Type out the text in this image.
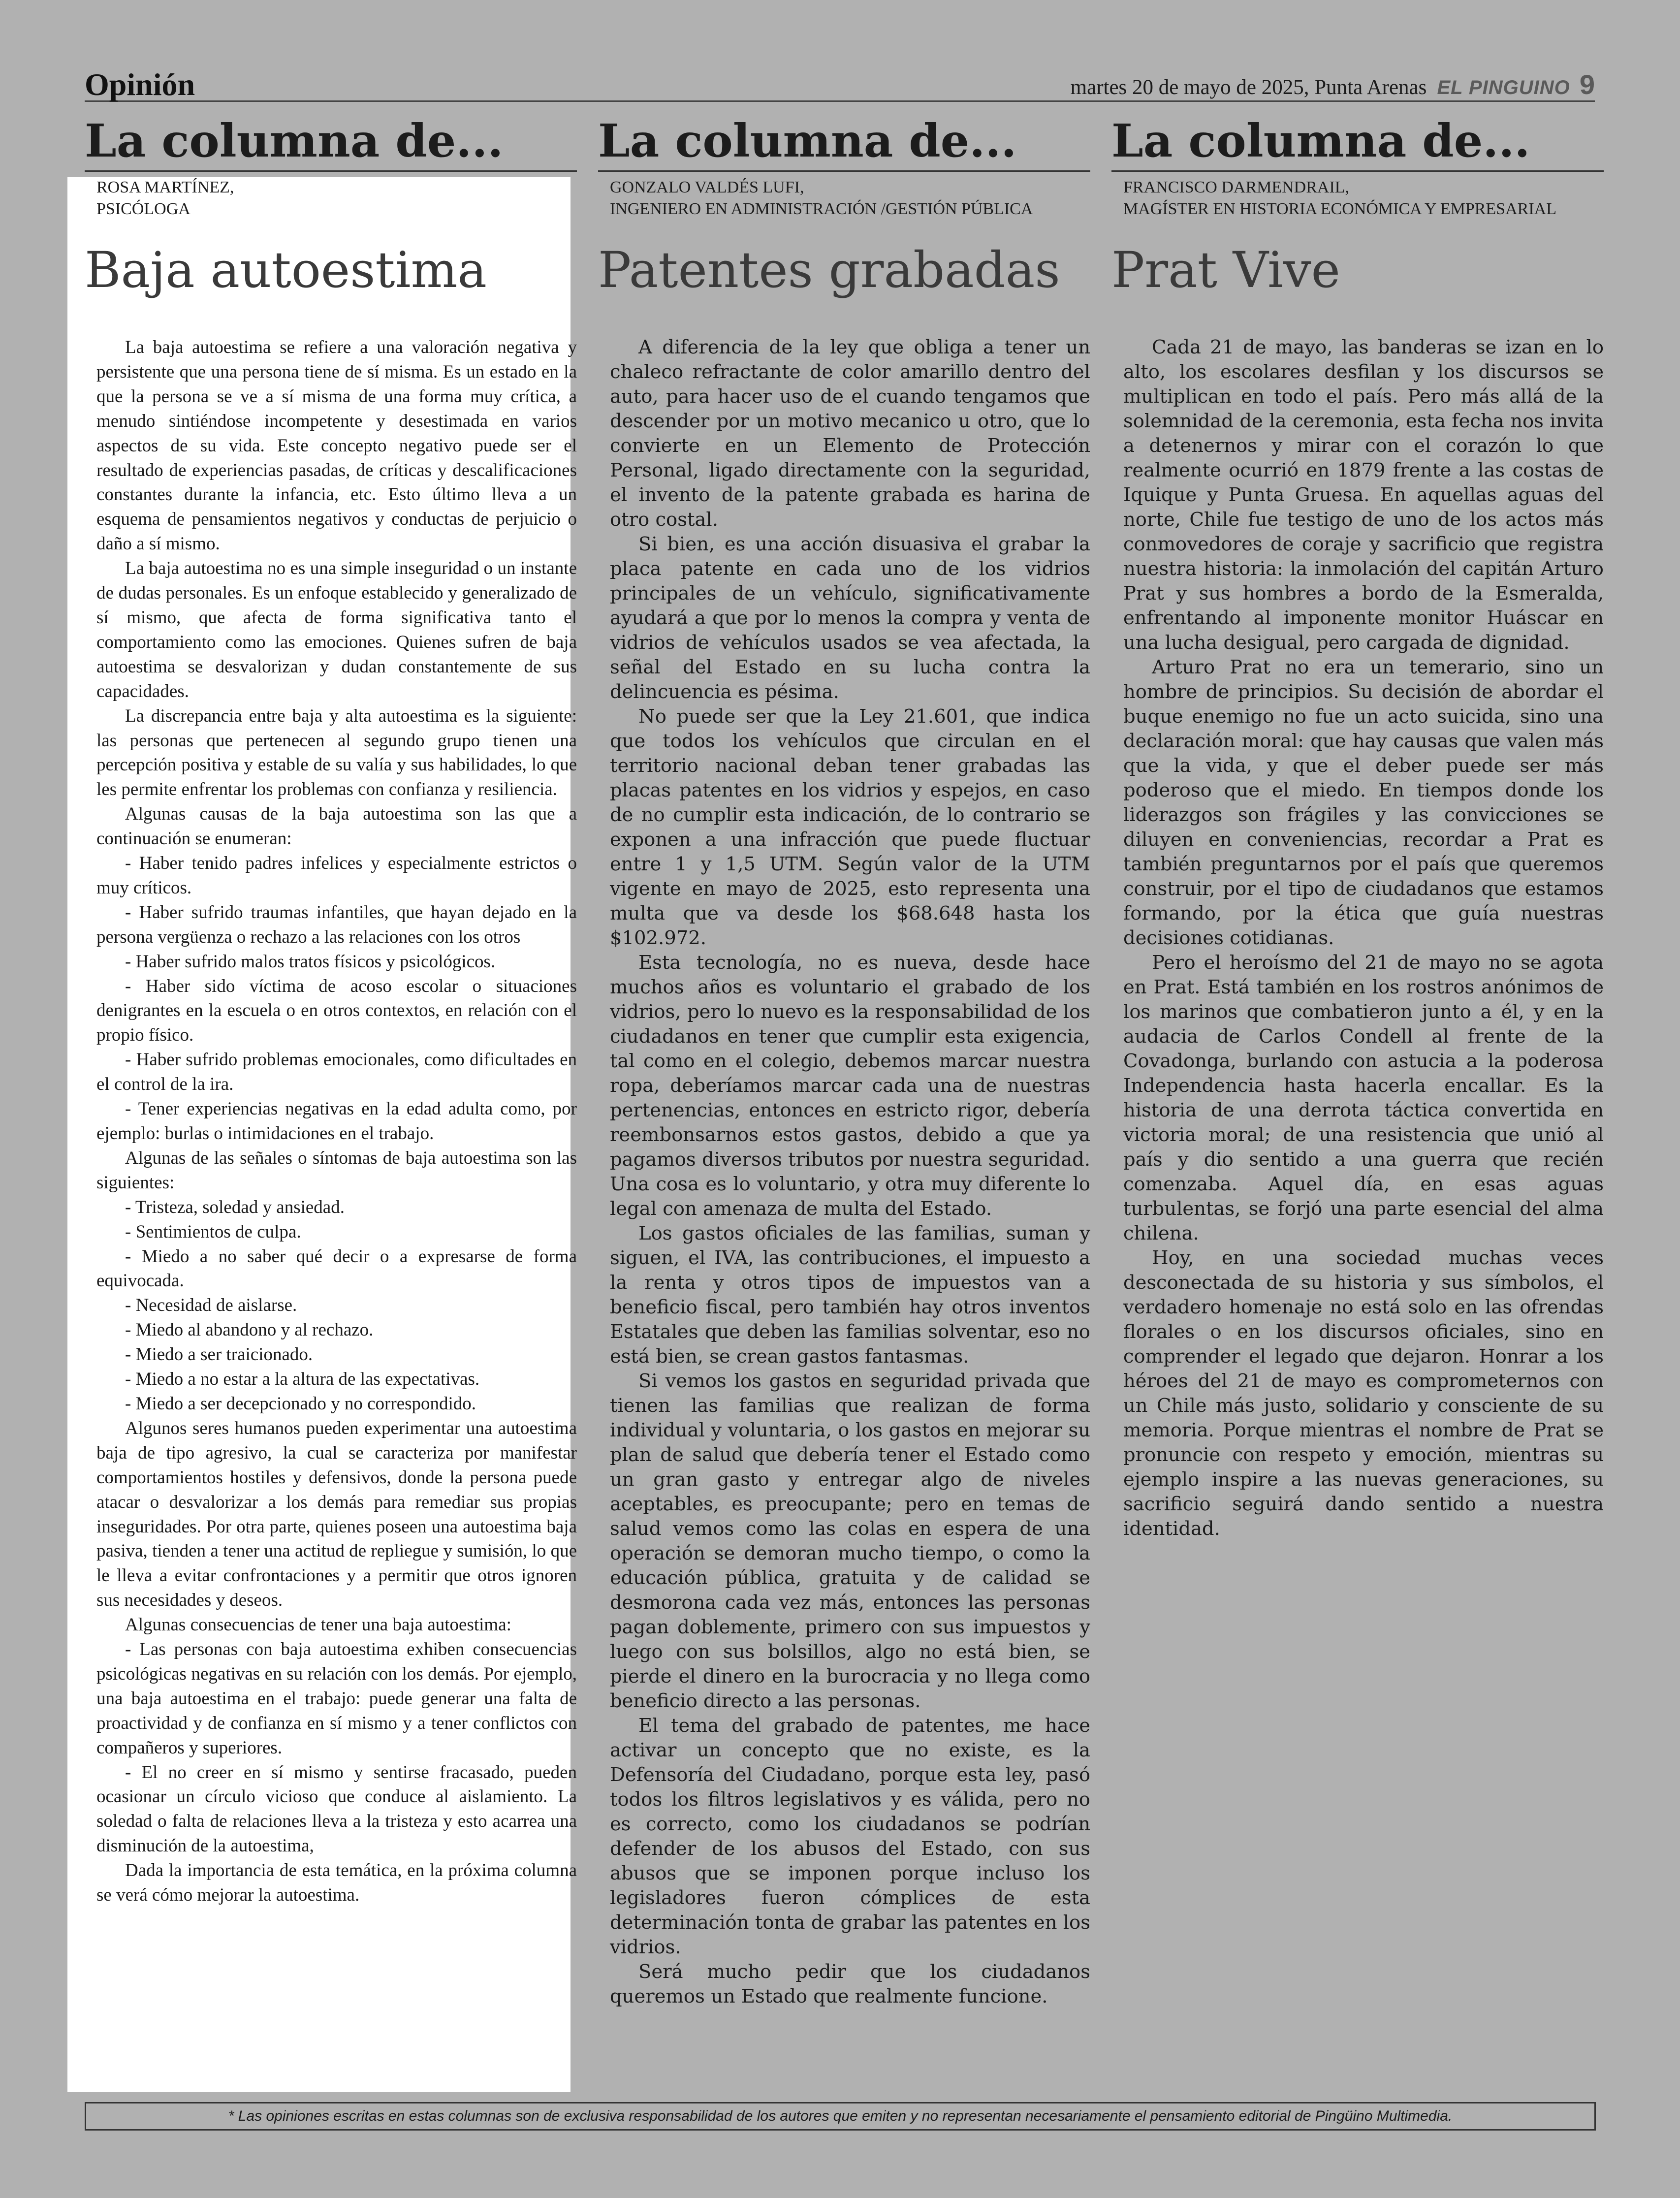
Opinión	martes 20 de mayo de 2025, Punta Arenas EL PINGUINO 9
La columna de...
ROSA MARTÍNEZ,
PSICÓLOGA
Baja autoestima

La baja autoestima se refiere a una valoración negativa y persistente que una persona tiene de sí misma. Es un estado en la que la persona se ve a sí misma de una forma muy crítica, a menudo sintiéndose incompetente y desestimada en varios aspectos de su vida. Este concepto negativo puede ser el resultado de experiencias pasadas, de críticas y descalificaciones constantes durante la infancia, etc. Esto último lleva a un esquema de pensamientos negativos y conductas de perjuicio o daño a sí mismo.

La baja autoestima no es una simple inseguridad o un instante de dudas personales. Es un enfoque establecido y generalizado de sí mismo, que afecta de forma significativa tanto el comportamiento como las emociones. Quienes sufren de baja autoestima se desvalorizan y dudan constantemente de sus capacidades.

La discrepancia entre baja y alta autoestima es la siguiente: las personas que pertenecen al segundo grupo tienen una percepción positiva y estable de su valía y sus habilidades, lo que les permite enfrentar los problemas con confianza y resiliencia.

Algunas causas de la baja autoestima son las que a continuación se enumeran:

- Haber tenido padres infelices y especialmente estrictos o muy críticos.

- Haber sufrido traumas infantiles, que hayan dejado en la persona vergüenza o rechazo a las relaciones con los otros

- Haber sufrido malos tratos físicos y psicológicos.

- Haber sido víctima de acoso escolar o situaciones denigrantes en la escuela o en otros contextos, en relación con el propio físico.

- Haber sufrido problemas emocionales, como dificultades en el control de la ira.

- Tener experiencias negativas en la edad adulta como, por ejemplo: burlas o intimidaciones en el trabajo.

Algunas de las señales o síntomas de baja autoestima son las siguientes:

- Tristeza, soledad y ansiedad.

- Sentimientos de culpa.

- Miedo a no saber qué decir o a expresarse de forma equivocada.

- Necesidad de aislarse.

- Miedo al abandono y al rechazo.

- Miedo a ser traicionado.

- Miedo a no estar a la altura de las expectativas.

- Miedo a ser decepcionado y no correspondido.

Algunos seres humanos pueden experimentar una autoestima baja de tipo agresivo, la cual se caracteriza por manifestar comportamientos hostiles y defensivos, donde la persona puede atacar o desvalorizar a los demás para remediar sus propias inseguridades. Por otra parte, quienes poseen una autoestima baja pasiva, tienden a tener una actitud de repliegue y sumisión, lo que le lleva a evitar confrontaciones y a permitir que otros ignoren sus necesidades y deseos.

Algunas consecuencias de tener una baja autoestima:

- Las personas con baja autoestima exhiben consecuencias psicológicas negativas en su relación con los demás. Por ejemplo, una baja autoestima en el trabajo: puede generar una falta de proactividad y de confianza en sí mismo y a tener conflictos con compañeros y superiores.

- El no creer en sí mismo y sentirse fracasado, pueden ocasionar un círculo vicioso que conduce al aislamiento. La soledad o falta de relaciones lleva a la tristeza y esto acarrea una disminución de la autoestima,

Dada la importancia de esta temática, en la próxima columna se verá cómo mejorar la autoestima.

La columna de...
GONZALO VALDÉS LUFI,
INGENIERO EN ADMINISTRACIÓN /GESTIÓN PÚBLICA
Patentes grabadas

A diferencia de la ley que obliga a tener un chaleco refractante de color amarillo dentro del auto, para hacer uso de el cuando tengamos que descender por un motivo mecanico u otro, que lo convierte en un Elemento de Protección Personal, ligado directamente con la seguridad, el invento de la patente grabada es harina de otro costal.

Si bien, es una acción disuasiva el grabar la placa patente en cada uno de los vidrios principales de un vehículo, significativamente ayudará a que por lo menos la compra y venta de vidrios de vehículos usados se vea afectada, la señal del Estado en su lucha contra la delincuencia es pésima.

No puede ser que la Ley 21.601, que indica que todos los vehículos que circulan en el territorio nacional deban tener grabadas las placas patentes en los vidrios y espejos, en caso de no cumplir esta indicación, de lo contrario se exponen a una infracción que puede fluctuar entre 1 y 1,5 UTM. Según valor de la UTM vigente en mayo de 2025, esto representa una multa que va desde los $68.648 hasta los $102.972.

Esta tecnología, no es nueva, desde hace muchos años es voluntario el grabado de los vidrios, pero lo nuevo es la responsabilidad de los ciudadanos en tener que cumplir esta exigencia, tal como en el colegio, debemos marcar nuestra ropa, deberíamos marcar cada una de nuestras pertenencias, entonces en estricto rigor, debería reembonsarnos estos gastos, debido a que ya pagamos diversos tributos por nuestra seguridad. Una cosa es lo voluntario, y otra muy diferente lo legal con amenaza de multa del Estado.

Los gastos oficiales de las familias, suman y siguen, el IVA, las contribuciones, el impuesto a la renta y otros tipos de impuestos van a beneficio fiscal, pero también hay otros inventos Estatales que deben las familias solventar, eso no está bien, se crean gastos fantasmas.

Si vemos los gastos en seguridad privada que tienen las familias que realizan de forma individual y voluntaria, o los gastos en mejorar su plan de salud que debería tener el Estado como un gran gasto y entregar algo de niveles aceptables, es preocupante; pero en temas de salud vemos como las colas en espera de una operación se demoran mucho tiempo, o como la educación pública, gratuita y de calidad se desmorona cada vez más, entonces las personas pagan doblemente, primero con sus impuestos y luego con sus bolsillos, algo no está bien, se pierde el dinero en la burocracia y no llega como beneficio directo a las personas.

El tema del grabado de patentes, me hace activar un concepto que no existe, es la Defensoría del Ciudadano, porque esta ley, pasó todos los filtros legislativos y es válida, pero no es correcto, como los ciudadanos se podrían defender de los abusos del Estado, con sus abusos que se imponen porque incluso los legisladores fueron cómplices de esta determinación tonta de grabar las patentes en los vidrios.

Será mucho pedir que los ciudadanos queremos un Estado que realmente funcione.

La columna de...
FRANCISCO DARMENDRAIL,
MAGÍSTER EN HISTORIA ECONÓMICA Y EMPRESARIAL
Prat Vive

Cada 21 de mayo, las banderas se izan en lo alto, los escolares desfilan y los discursos se multiplican en todo el país. Pero más allá de la solemnidad de la ceremonia, esta fecha nos invita a detenernos y mirar con el corazón lo que realmente ocurrió en 1879 frente a las costas de Iquique y Punta Gruesa. En aquellas aguas del norte, Chile fue testigo de uno de los actos más conmovedores de coraje y sacrificio que registra nuestra historia: la inmolación del capitán Arturo Prat y sus hombres a bordo de la Esmeralda, enfrentando al imponente monitor Huáscar en una lucha desigual, pero cargada de dignidad.

Arturo Prat no era un temerario, sino un hombre de principios. Su decisión de abordar el buque enemigo no fue un acto suicida, sino una declaración moral: que hay causas que valen más que la vida, y que el deber puede ser más poderoso que el miedo. En tiempos donde los liderazgos son frágiles y las convicciones se diluyen en conveniencias, recordar a Prat es también preguntarnos por el país que queremos construir, por el tipo de ciudadanos que estamos formando, por la ética que guía nuestras decisiones cotidianas.

Pero el heroísmo del 21 de mayo no se agota en Prat. Está también en los rostros anónimos de los marinos que combatieron junto a él, y en la audacia de Carlos Condell al frente de la Covadonga, burlando con astucia a la poderosa Independencia hasta hacerla encallar. Es la historia de una derrota táctica convertida en victoria moral; de una resistencia que unió al país y dio sentido a una guerra que recién comenzaba. Aquel día, en esas aguas turbulentas, se forjó una parte esencial del alma chilena.

Hoy, en una sociedad muchas veces desconectada de su historia y sus símbolos, el verdadero homenaje no está solo en las ofrendas florales o en los discursos oficiales, sino en comprender el legado que dejaron. Honrar a los héroes del 21 de mayo es comprometernos con un Chile más justo, solidario y consciente de su memoria. Porque mientras el nombre de Prat se pronuncie con respeto y emoción, mientras su ejemplo inspire a las nuevas generaciones, su sacrificio seguirá dando sentido a nuestra identidad.

* Las opiniones escritas en estas columnas son de exclusiva responsabilidad de los autores que emiten y no representan necesariamente el pensamiento editorial de Pingüino Multimedia.
